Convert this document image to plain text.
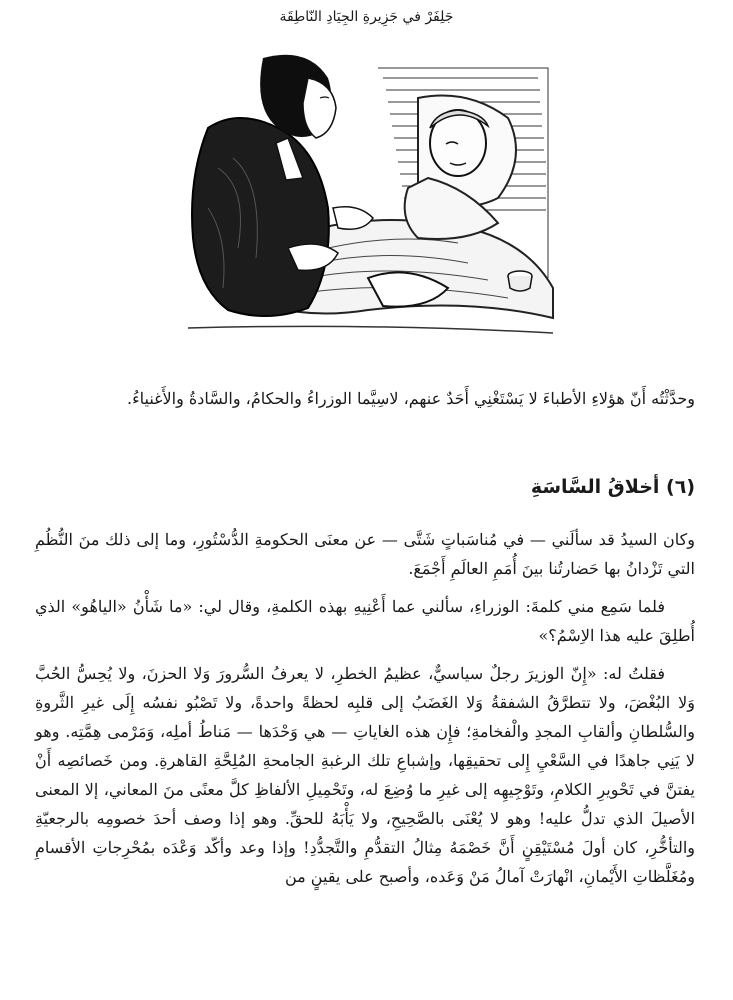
جَلِفَرْ في جَزِيرةِ الجِيَادِ النّاطِقَة
وحدَّثْتُه أَنّ هؤلاءِ الأطباءَ لا يَسْتَغْنِي أَحَدٌ عنهم، لاسِيَّما الوزراءُ والحكامُ، والسَّادةُ والأَغنياءُ.
(٦) أخلاقُ السَّاسَةِ

وكان السيدُ قد سألَني — في مُناسَباتٍ شَتَّى — عن معنَى الحكومةِ الدُّسْتُورِ، وما إلى ذلك منَ النُّظُمِ التي تَزْدانُ بها حَضارتُنا بينَ أُمَمِ العالَمِ أَجْمَعَ.

فلما سَمِع مني كلمةَ: الوزراءِ، سألني عما أَعْنِيهِ بهذه الكلمةِ، وقال لي: «ما شَأْنُ «الياهُو» الذي أُطلِقَ عليه هذا الاِسْمُ؟»

فقلتُ له: «إِنّ الوزيرَ رجلٌ سياسيٌّ، عظيمُ الخطرِ، لا يعرفُ السُّرورَ وَلا الحزنَ، ولا يُحِسُّ الحُبَّ وَلا البُغْضَ، ولا تتطرَّقُ الشفقةُ وَلا الغَضَبُ إلى قلبِه لحظةً واحدةً، ولا تَصْبُو نفسُه إِلَى غيرِ الثَّروةِ والسُّلطانِ وألقابِ المجدِ والْفخامةِ؛ فإِن هذه الغاياتِ — هي وَحْدَها — مَناطُ أملِه، وَمَرْمى هِمَّتِه. وهو لا يَنِي جاهدًا في السَّعْيِ إِلى تحقيقِها، وإشباعِ تلك الرغبةِ الجامحةِ المُلِحَّةِ القاهرةِ. ومن خَصائصِه أَنْ يفتنَّ في تَحْويرِ الكلامِ، وتَوْجِيهِه إلى غيرِ ما وُضِعَ له، وتَحْمِيلِ الألفاظِ كلَّ معنًى منَ المعاني، إلا المعنى الأصيلَ الذي تدلُّ عليه! وهو لا يُعْنَى بالصَّحِيحِ، ولا يَأْبَهُ للحقِّ. وهو إذا وصف أحدَ خصومِه بالرجعيّةِ والتأخُّرِ، كان أولَ مُسْتَيْقِنٍ أَنَّ خَصْمَهُ مِثالُ التقدُّمِ والتَّجدُّدِ! وإذا وعد وأكّد وَعْدَه بمُحْرِجاتِ الأقسامِ ومُغَلَّظاتِ الأَيْمانِ، انْهارَتْ آمالُ مَنْ وَعَده، وأصبح على يقينٍ من
